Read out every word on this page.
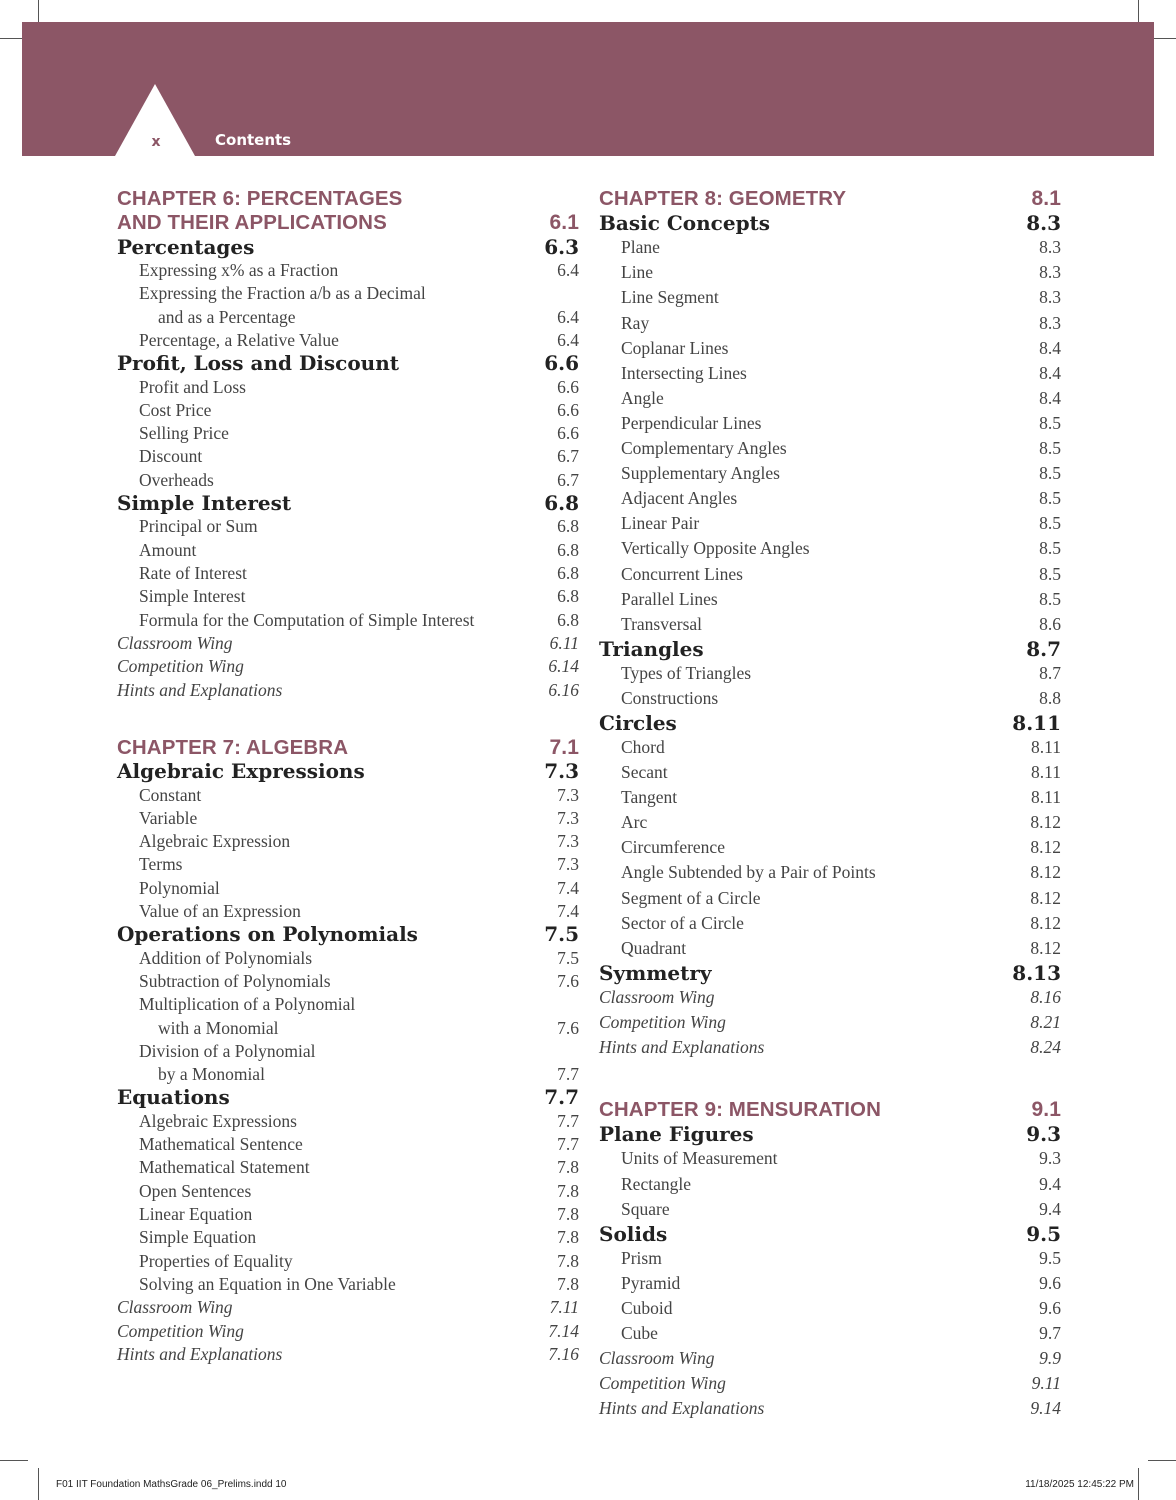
x	Contents
CHAPTER 6: PERCENTAGES
AND THEIR APPLICATIONS	6.1
Percentages	6.3
Expressing x% as a Fraction	6.4
Expressing the Fraction a/b as a Decimal
and as a Percentage	6.4
Percentage, a Relative Value	6.4
Profit, Loss and Discount	6.6
Profit and Loss	6.6
Cost Price	6.6
Selling Price	6.6
Discount	6.7
Overheads	6.7
Simple Interest	6.8
Principal or Sum	6.8
Amount	6.8
Rate of Interest	6.8
Simple Interest	6.8
Formula for the Computation of Simple Interest	6.8
Classroom Wing	6.11
Competition Wing	6.14
Hints and Explanations	6.16
CHAPTER 7: ALGEBRA	7.1
Algebraic Expressions	7.3
Constant	7.3
Variable	7.3
Algebraic Expression	7.3
Terms	7.3
Polynomial	7.4
Value of an Expression	7.4
Operations on Polynomials	7.5
Addition of Polynomials	7.5
Subtraction of Polynomials	7.6
Multiplication of a Polynomial
with a Monomial	7.6
Division of a Polynomial
by a Monomial	7.7
Equations	7.7
Algebraic Expressions	7.7
Mathematical Sentence	7.7
Mathematical Statement	7.8
Open Sentences	7.8
Linear Equation	7.8
Simple Equation	7.8
Properties of Equality	7.8
Solving an Equation in One Variable	7.8
Classroom Wing	7.11
Competition Wing	7.14
Hints and Explanations	7.16
CHAPTER 8: GEOMETRY	8.1
Basic Concepts	8.3
Plane	8.3
Line	8.3
Line Segment	8.3
Ray	8.3
Coplanar Lines	8.4
Intersecting Lines	8.4
Angle	8.4
Perpendicular Lines	8.5
Complementary Angles	8.5
Supplementary Angles	8.5
Adjacent Angles	8.5
Linear Pair	8.5
Vertically Opposite Angles	8.5
Concurrent Lines	8.5
Parallel Lines	8.5
Transversal	8.6
Triangles	8.7
Types of Triangles	8.7
Constructions	8.8
Circles	8.11
Chord	8.11
Secant	8.11
Tangent	8.11
Arc	8.12
Circumference	8.12
Angle Subtended by a Pair of Points	8.12
Segment of a Circle	8.12
Sector of a Circle	8.12
Quadrant	8.12
Symmetry	8.13
Classroom Wing	8.16
Competition Wing	8.21
Hints and Explanations	8.24
CHAPTER 9: MENSURATION	9.1
Plane Figures	9.3
Units of Measurement	9.3
Rectangle	9.4
Square	9.4
Solids	9.5
Prism	9.5
Pyramid	9.6
Cuboid	9.6
Cube	9.7
Classroom Wing	9.9
Competition Wing	9.11
Hints and Explanations	9.14
F01 IIT Foundation MathsGrade 06_Prelims.indd 10	11/18/2025 12:45:22 PM
